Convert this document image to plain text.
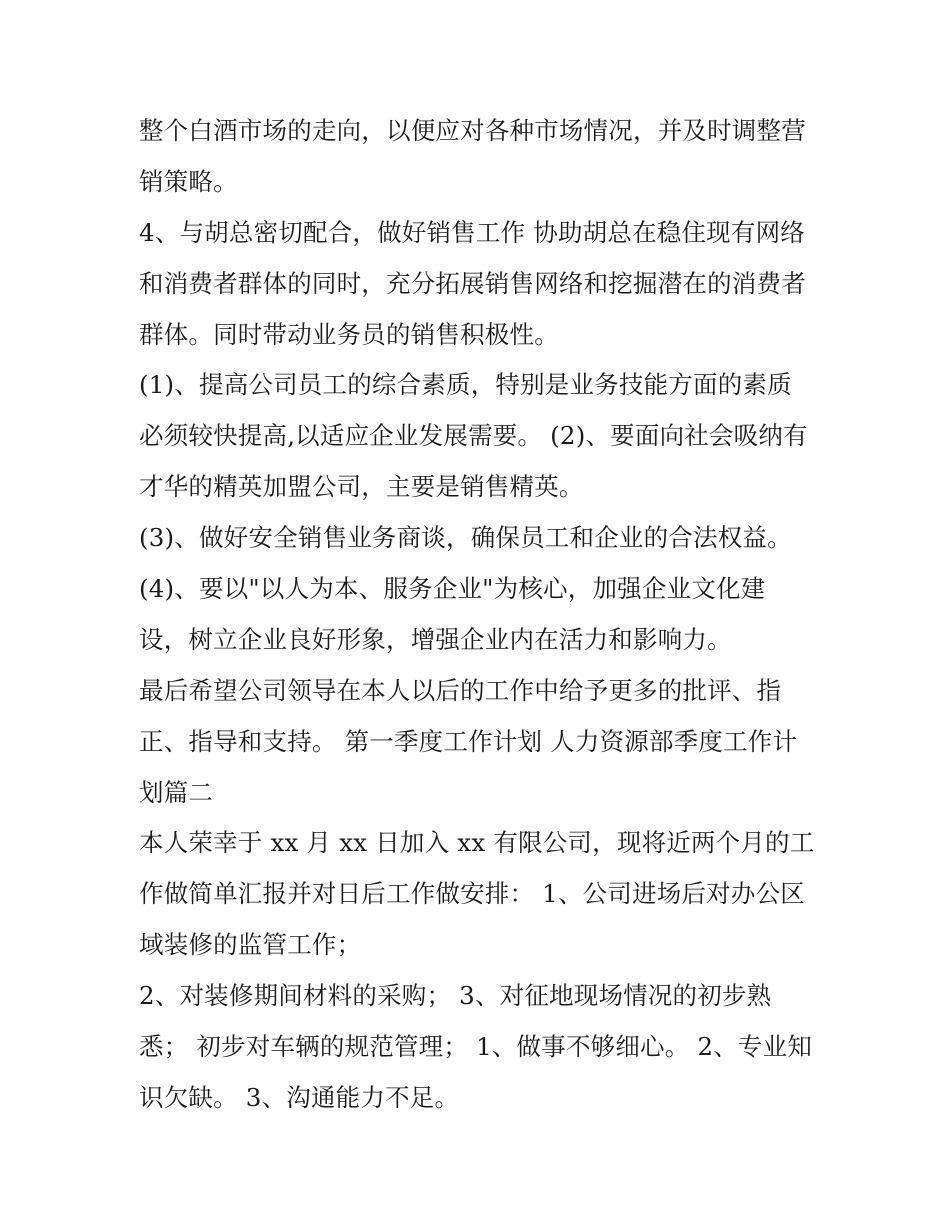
整个白酒市场的走向，以便应对各种市场情况，并及时调整营
销策略。
4、与胡总密切配合，做好销售工作 协助胡总在稳住现有网络
和消费者群体的同时，充分拓展销售网络和挖掘潜在的消费者
群体。同时带动业务员的销售积极性。
(1)、提高公司员工的综合素质，特别是业务技能方面的素质
必须较快提高,以适应企业发展需要。 (2)、要面向社会吸纳有
才华的精英加盟公司，主要是销售精英。
(3)、做好安全销售业务商谈，确保员工和企业的合法权益。
(4)、要以"以人为本、服务企业"为核心，加强企业文化建
设，树立企业良好形象，增强企业内在活力和影响力。
最后希望公司领导在本人以后的工作中给予更多的批评、指
正、指导和支持。 第一季度工作计划 人力资源部季度工作计
划篇二
本人荣幸于 xx 月 xx 日加入 xx 有限公司，现将近两个月的工
作做简单汇报并对日后工作做安排： 1、公司进场后对办公区
域装修的监管工作；
2、对装修期间材料的采购； 3、对征地现场情况的初步熟
悉； 初步对车辆的规范管理； 1、做事不够细心。 2、专业知
识欠缺。 3、沟通能力不足。
